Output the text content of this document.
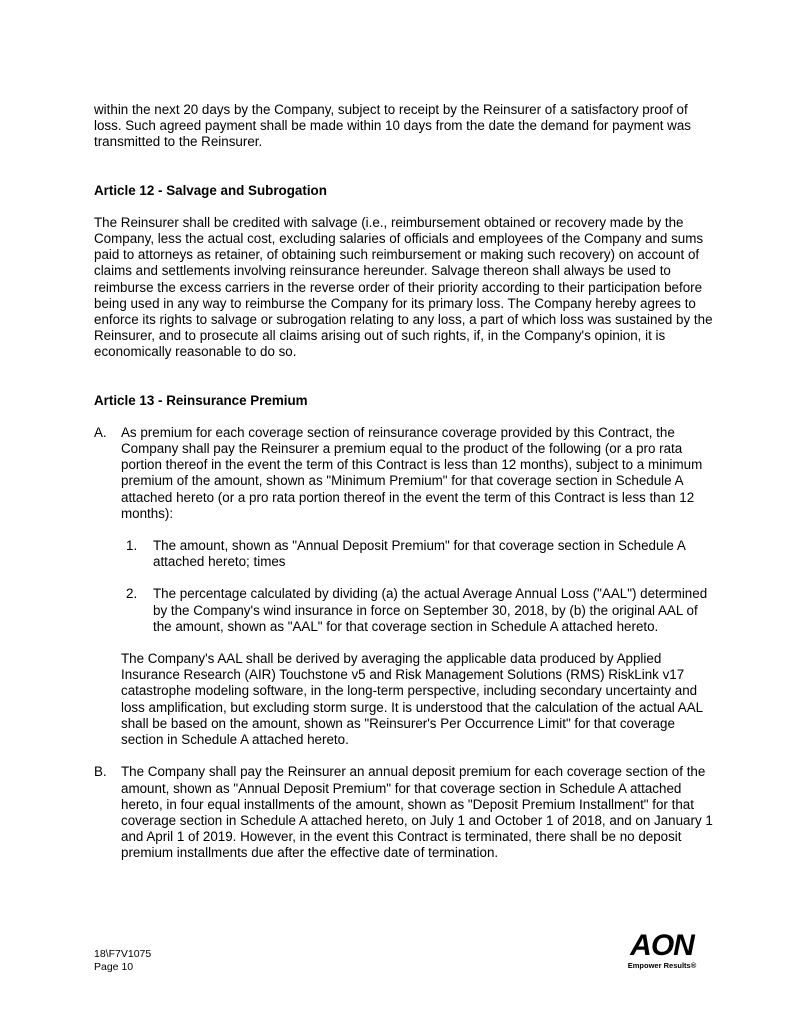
within the next 20 days by the Company, subject to receipt by the Reinsurer of a satisfactory proof of loss. Such agreed payment shall be made within 10 days from the date the demand for payment was transmitted to the Reinsurer.

Article 12 - Salvage and Subrogation

The Reinsurer shall be credited with salvage (i.e., reimbursement obtained or recovery made by the Company, less the actual cost, excluding salaries of officials and employees of the Company and sums paid to attorneys as retainer, of obtaining such reimbursement or making such recovery) on account of claims and settlements involving reinsurance hereunder. Salvage thereon shall always be used to reimburse the excess carriers in the reverse order of their priority according to their participation before being used in any way to reimburse the Company for its primary loss. The Company hereby agrees to enforce its rights to salvage or subrogation relating to any loss, a part of which loss was sustained by the Reinsurer, and to prosecute all claims arising out of such rights, if, in the Company's opinion, it is economically reasonable to do so.

Article 13 - Reinsurance Premium
A. As premium for each coverage section of reinsurance coverage provided by this Contract, the Company shall pay the Reinsurer a premium equal to the product of the following (or a pro rata portion thereof in the event the term of this Contract is less than 12 months), subject to a minimum premium of the amount, shown as "Minimum Premium" for that coverage section in Schedule A attached hereto (or a pro rata portion thereof in the event the term of this Contract is less than 12 months):

1. The amount, shown as "Annual Deposit Premium" for that coverage section in Schedule A attached hereto; times

2. The percentage calculated by dividing (a) the actual Average Annual Loss ("AAL") determined by the Company's wind insurance in force on September 30, 2018, by (b) the original AAL of the amount, shown as "AAL" for that coverage section in Schedule A attached hereto.

The Company's AAL shall be derived by averaging the applicable data produced by Applied Insurance Research (AIR) Touchstone v5 and Risk Management Solutions (RMS) RiskLink v17 catastrophe modeling software, in the long-term perspective, including secondary uncertainty and loss amplification, but excluding storm surge. It is understood that the calculation of the actual AAL shall be based on the amount, shown as "Reinsurer's Per Occurrence Limit" for that coverage section in Schedule A attached hereto.

B. The Company shall pay the Reinsurer an annual deposit premium for each coverage section of the amount, shown as "Annual Deposit Premium" for that coverage section in Schedule A attached hereto, in four equal installments of the amount, shown as "Deposit Premium Installment" for that coverage section in Schedule A attached hereto, on July 1 and October 1 of 2018, and on January 1 and April 1 of 2019. However, in the event this Contract is terminated, there shall be no deposit premium installments due after the effective date of termination.

18\F7V1075
Page 10
AON
Empower Results®
